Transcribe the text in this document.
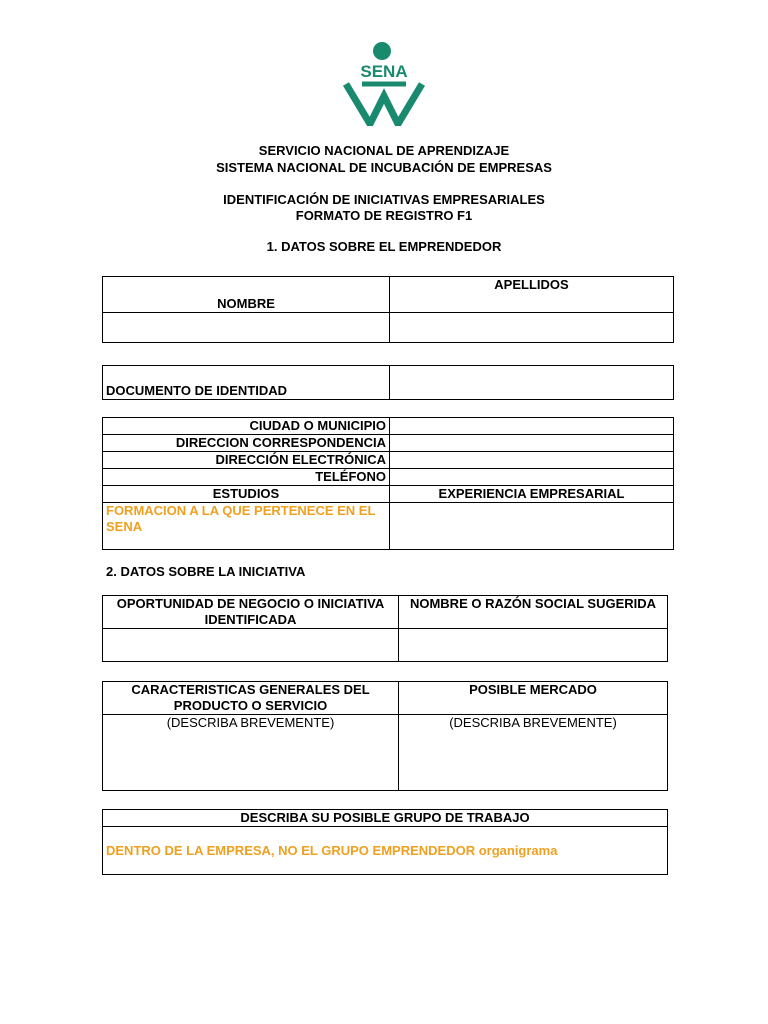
SENA
SERVICIO NACIONAL DE APRENDIZAJE
SISTEMA NACIONAL DE INCUBACIÓN DE EMPRESAS
IDENTIFICACIÓN DE INICIATIVAS EMPRESARIALES
FORMATO DE REGISTRO F1
1. DATOS SOBRE EL EMPRENDEDOR
NOMBRE	APELLIDOS

DOCUMENTO DE IDENTIDAD	
CIUDAD O MUNICIPIO	
DIRECCION CORRESPONDENCIA	
DIRECCIÓN ELECTRÓNICA	
TELÉFONO	
ESTUDIOS	EXPERIENCIA EMPRESARIAL
FORMACION A LA QUE PERTENECE EN EL SENA	
2. DATOS SOBRE LA INICIATIVA
OPORTUNIDAD DE NEGOCIO O INICIATIVA IDENTIFICADA	NOMBRE O RAZÓN SOCIAL SUGERIDA

CARACTERISTICAS GENERALES DEL PRODUCTO O SERVICIO	POSIBLE MERCADO
(DESCRIBA BREVEMENTE)	(DESCRIBA BREVEMENTE)
DESCRIBA SU POSIBLE GRUPO DE TRABAJO
DENTRO DE LA EMPRESA, NO EL GRUPO EMPRENDEDOR organigrama
